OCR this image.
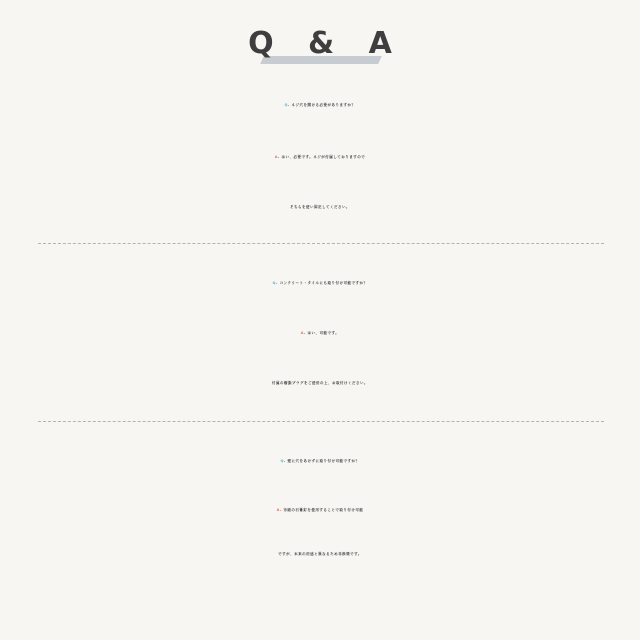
Q & A
Q. ネジ穴を開ける必要がありますか？
A. はい、必要です。ネジが付属しておりますので
そちらを使い固定してください。
Q. コンクリート・タイルにも取り付け可能ですか？
A. はい、可能です。
付属の樹脂プラグをご使用の上、お取付けください。
Q. 壁に穴をあけずに取り付け可能ですか？
A. 市販の石膏釘を使用することで取り付け可能
ですが、本来の用途と異なるため非推奨です。
